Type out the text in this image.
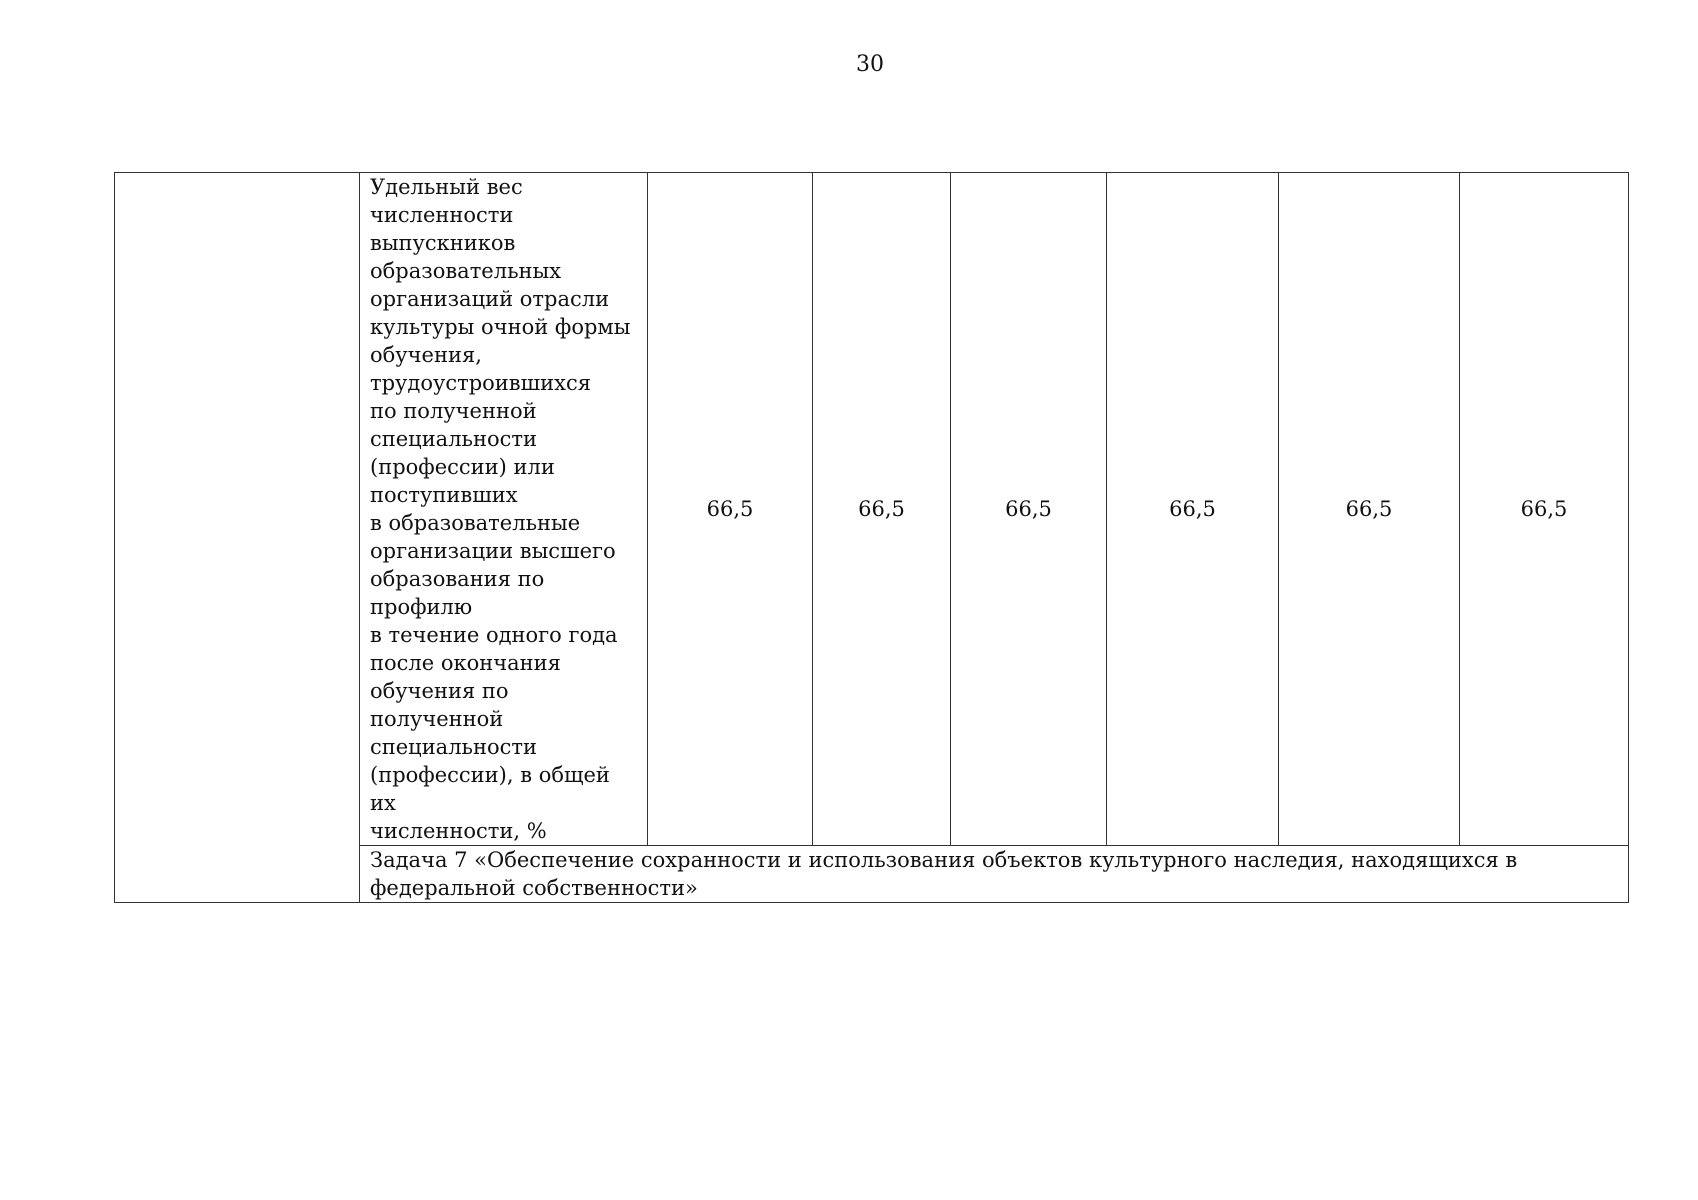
30
	Удельный вес
численности
выпускников
образовательных
организаций отрасли
культуры очной формы
обучения,
трудоустроившихся
по полученной
специальности
(профессии) или
поступивших
в образовательные
организации высшего
образования по профилю
в течение одного года
после окончания
обучения по полученной
специальности
(профессии), в общей их
численности, %	66,5	66,5	66,5	66,5	66,5	66,5
Задача 7 «Обеспечение сохранности и использования объектов культурного наследия, находящихся в федеральной собственности»
